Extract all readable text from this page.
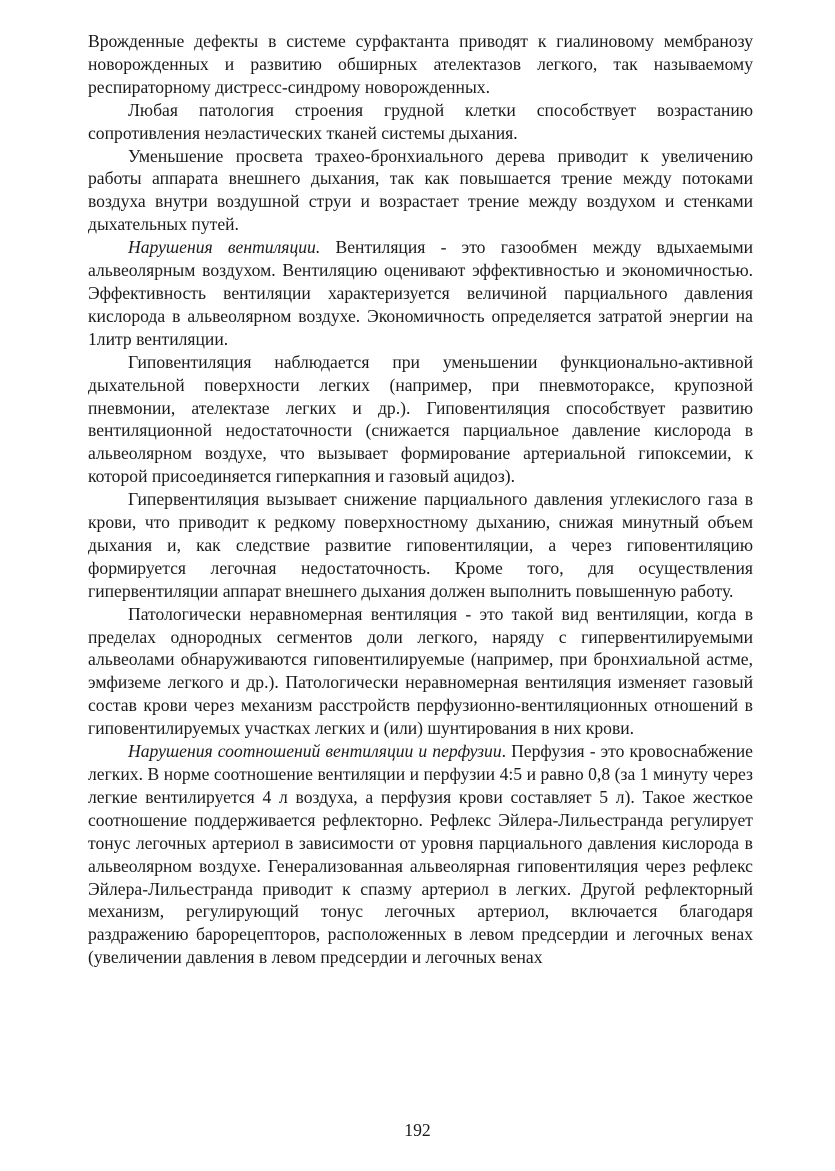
Врожденные дефекты в системе сурфактанта приводят к гиалиновому мембранозу новорожденных и развитию обширных ателектазов легкого, так называемому респираторному дистресс-синдрому новорожденных.

Любая патология строения грудной клетки способствует возрастанию сопротивления неэластических тканей системы дыхания.

Уменьшение просвета трахео-бронхиального дерева приводит к увеличению работы аппарата внешнего дыхания, так как повышается трение между потоками воздуха внутри воздушной струи и возрастает трение между воздухом и стенками дыхательных путей.

Нарушения вентиляции. Вентиляция - это газообмен между вдыхаемыми альвеолярным воздухом. Вентиляцию оценивают эффективностью и экономичностью. Эффективность вентиляции характеризуется величиной парциального давления кислорода в альвеолярном воздухе. Экономичность определяется затратой энергии на 1литр вентиляции.

Гиповентиляция наблюдается при уменьшении функционально-активной дыхательной поверхности легких (например, при пневмотораксе, крупозной пневмонии, ателектазе легких и др.). Гиповентиляция способствует развитию вентиляционной недостаточности (снижается парциальное давление кислорода в альвеолярном воздухе, что вызывает формирование артериальной гипоксемии, к которой присоединяется гиперкапния и газовый ацидоз).

Гипервентиляция вызывает снижение парциального давления углекислого газа в крови, что приводит к редкому поверхностному дыханию, снижая минутный объем дыхания и, как следствие развитие гиповентиляции, а через гиповентиляцию формируется легочная недостаточность. Кроме того, для осуществления гипервентиляции аппарат внешнего дыхания должен выполнить повышенную работу.

Патологически неравномерная вентиляция - это такой вид вентиляции, когда в пределах однородных сегментов доли легкого, наряду с гипервентилируемыми альвеолами обнаруживаются гиповентилируемые (например, при бронхиальной астме, эмфиземе легкого и др.). Патологически неравномерная вентиляция изменяет газовый состав крови через механизм расстройств перфузионно-вентиляционных отношений в гиповентилируемых участках легких и (или) шунтирования в них крови.

Нарушения соотношений вентиляции и перфузии. Перфузия - это кровоснабжение легких. В норме соотношение вентиляции и перфузии 4:5 и равно 0,8 (за 1 минуту через легкие вентилируется 4 л воздуха, а перфузия крови составляет 5 л). Такое жесткое соотношение поддерживается рефлекторно. Рефлекс Эйлера-Лильестранда регулирует тонус легочных артериол в зависимости от уровня парциального давления кислорода в альвеолярном воздухе. Генерализованная альвеолярная гиповентиляция через рефлекс Эйлера-Лильестранда приводит к спазму артериол в легких. Другой рефлекторный механизм, регулирующий тонус легочных артериол, включается благодаря раздражению барорецепторов, расположенных в левом предсердии и легочных венах (увеличении давления в левом предсердии и легочных венах

192
